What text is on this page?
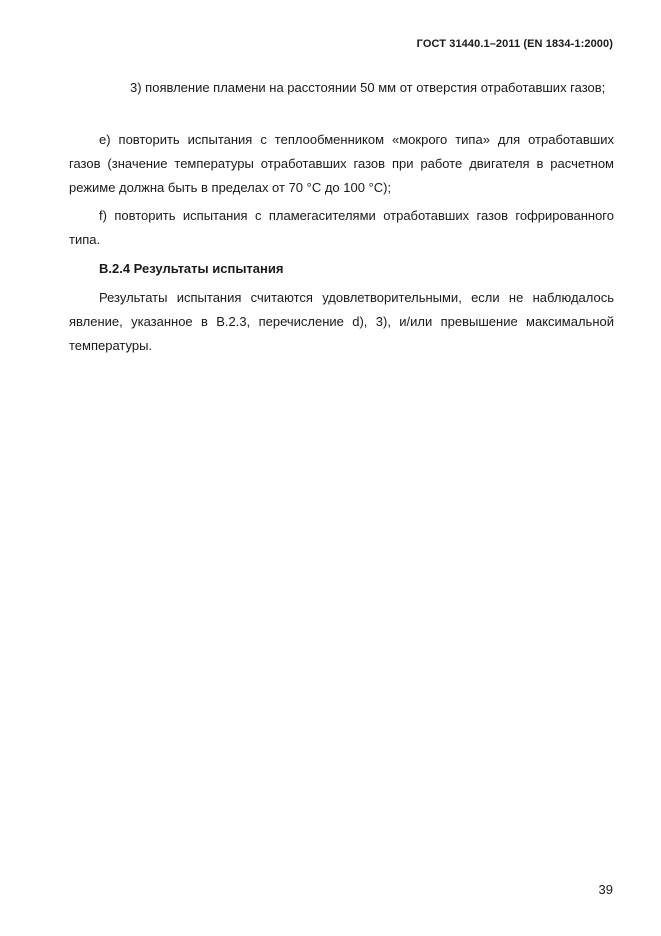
ГОСТ 31440.1–2011 (EN 1834-1:2000)
3) появление пламени на расстоянии 50 мм от отверстия отработавших газов;

е) повторить испытания с теплообменником «мокрого типа» для отработавших газов (значение температуры отработавших газов при работе двигателя в расчетном режиме должна быть в пределах от 70 °С до 100 °С);

f) повторить испытания с пламегасителями отработавших газов гофрированного типа.

В.2.4 Результаты испытания

Результаты испытания считаются удовлетворительными, если не наблюдалось явление, указанное в В.2.3, перечисление d), 3), и/или превышение максимальной температуры.

39
